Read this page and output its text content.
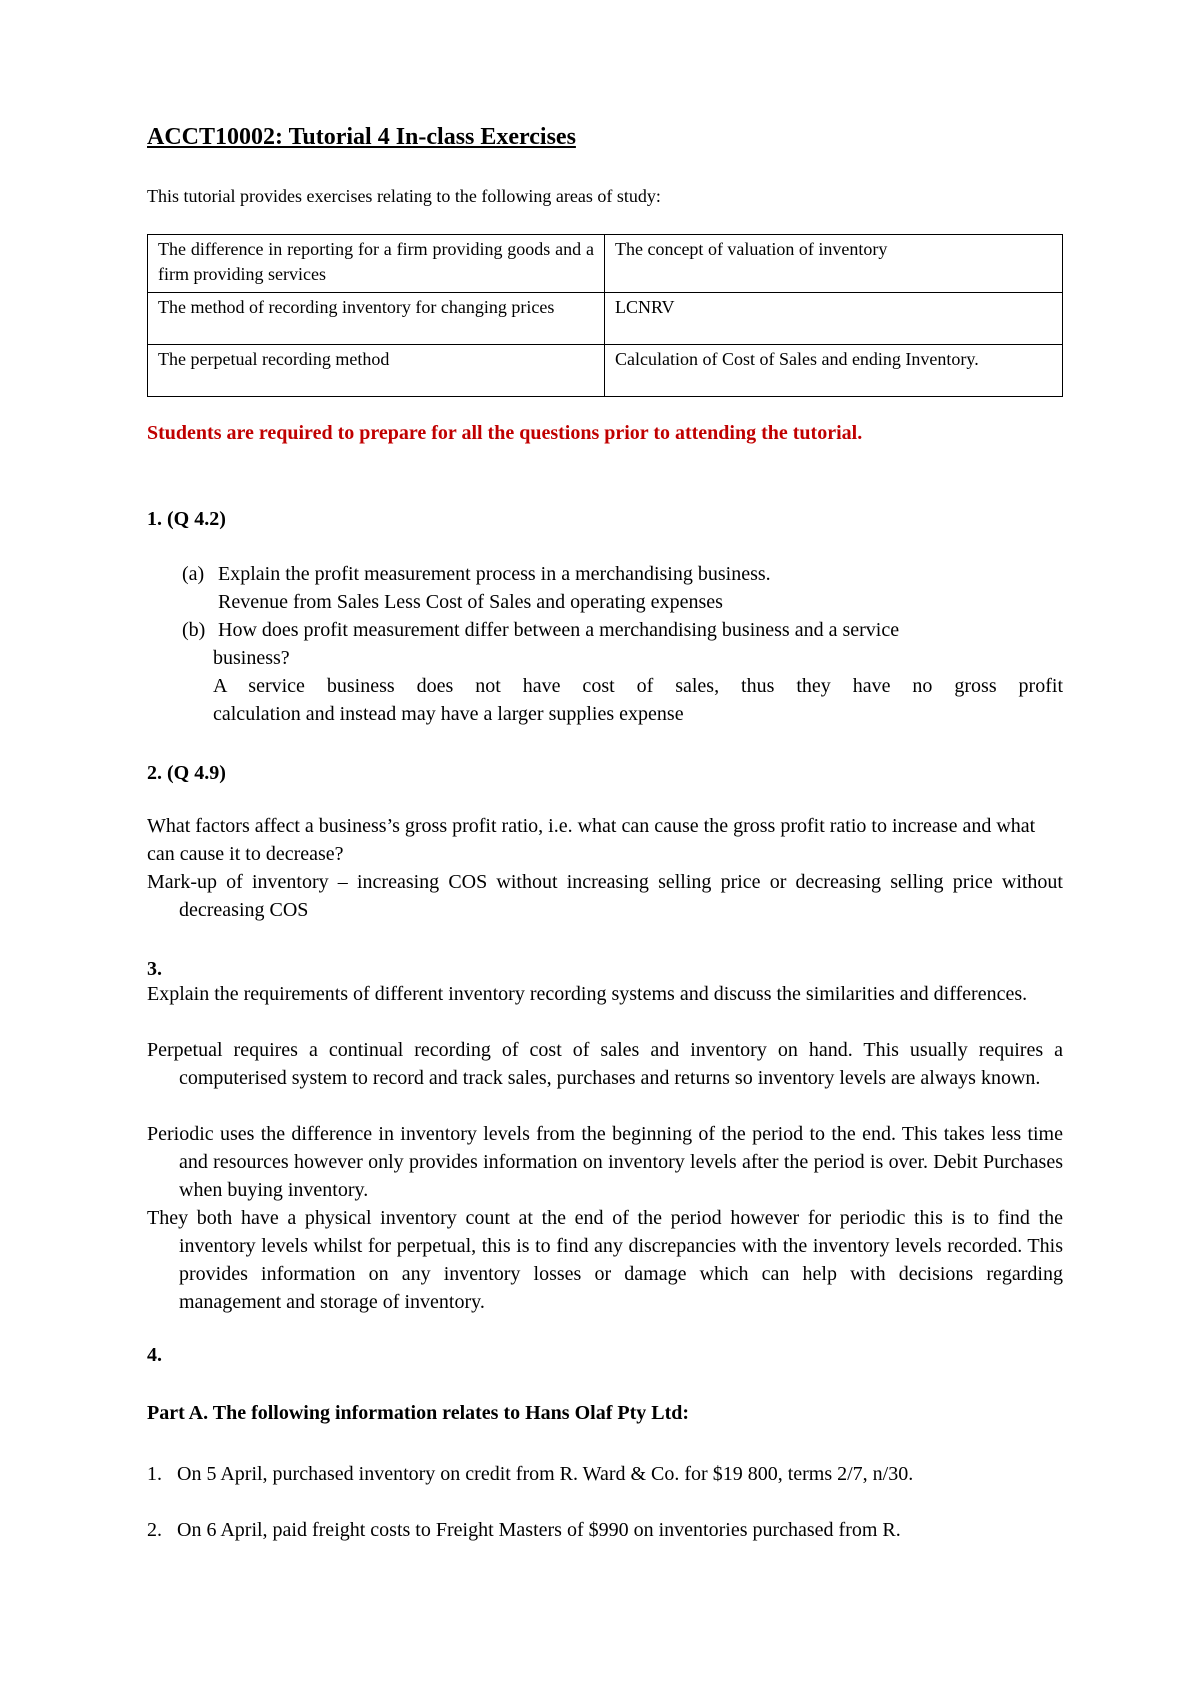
ACCT10002: Tutorial 4 In-class Exercises
This tutorial provides exercises relating to the following areas of study:
The difference in reporting for a firm providing goods and a firm providing services	The concept of valuation of inventory
The method of recording inventory for changing prices	LCNRV
The perpetual recording method	Calculation of Cost of Sales and ending Inventory.
Students are required to prepare for all the questions prior to attending the tutorial.
1. (Q 4.2)
(a) Explain the profit measurement process in a merchandising business.
Revenue from Sales Less Cost of Sales and operating expenses
(b) How does profit measurement differ between a merchandising business and a service
business?
A service business does not have cost of sales, thus they have no gross profit
calculation and instead may have a larger supplies expense
2. (Q 4.9)
What factors affect a business’s gross profit ratio, i.e. what can cause the gross profit ratio to increase and what can cause it to decrease?
Mark-up of inventory – increasing COS without increasing selling price or decreasing selling price without decreasing COS
3.
Explain the requirements of different inventory recording systems and discuss the similarities and differences.
Perpetual requires a continual recording of cost of sales and inventory on hand. This usually requires a computerised system to record and track sales, purchases and returns so inventory levels are always known.
Periodic uses the difference in inventory levels from the beginning of the period to the end. This takes less time and resources however only provides information on inventory levels after the period is over. Debit Purchases when buying inventory.
They both have a physical inventory count at the end of the period however for periodic this is to find the inventory levels whilst for perpetual, this is to find any discrepancies with the inventory levels recorded. This provides information on any inventory losses or damage which can help with decisions regarding management and storage of inventory.
4.
Part A. The following information relates to Hans Olaf Pty Ltd:
1. On 5 April, purchased inventory on credit from R. Ward & Co. for $19 800, terms 2/7, n/30.
2. On 6 April, paid freight costs to Freight Masters of $990 on inventories purchased from R.
